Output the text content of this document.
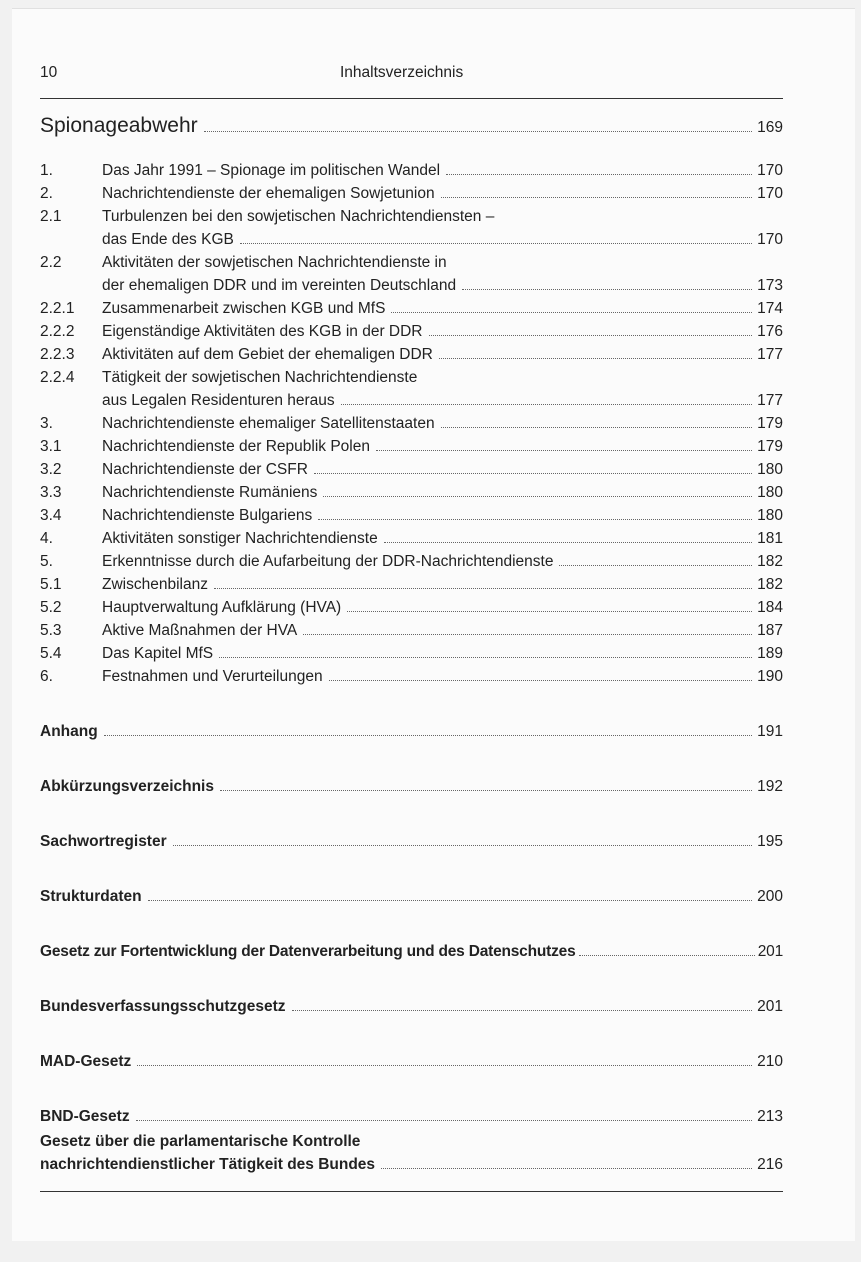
10	Inhaltsverzeichnis
Spionageabwehr	169
1.	Das Jahr 1991 – Spionage im politischen Wandel	170
2.	Nachrichtendienste der ehemaligen Sowjetunion	170
2.1	Turbulenzen bei den sowjetischen Nachrichtendiensten –
das Ende des KGB	170
2.2	Aktivitäten der sowjetischen Nachrichtendienste in
der ehemaligen DDR und im vereinten Deutschland	173
2.2.1 Zusammenarbeit zwischen KGB und MfS	174
2.2.2 Eigenständige Aktivitäten des KGB in der DDR	176
2.2.3 Aktivitäten auf dem Gebiet der ehemaligen DDR	177
2.2.4 Tätigkeit der sowjetischen Nachrichtendienste
aus Legalen Residenturen heraus	177
3.	Nachrichtendienste ehemaliger Satellitenstaaten	179
3.1	Nachrichtendienste der Republik Polen	179
3.2	Nachrichtendienste der CSFR	180
3.3	Nachrichtendienste Rumäniens	180
3.4	Nachrichtendienste Bulgariens	180
4.	Aktivitäten sonstiger Nachrichtendienste	181
5.	Erkenntnisse durch die Aufarbeitung der DDR-Nachrichtendienste	182
5.1	Zwischenbilanz	182
5.2	Hauptverwaltung Aufklärung (HVA)	184
5.3	Aktive Maßnahmen der HVA	187
5.4	Das Kapitel MfS	189
6.	Festnahmen und Verurteilungen	190
Anhang	191
Abkürzungsverzeichnis	192
Sachwortregister	195
Strukturdaten	200
Gesetz zur Fortentwicklung der Datenverarbeitung und des Datenschutzes	201
Bundesverfassungsschutzgesetz	201
MAD-Gesetz	210
BND-Gesetz	213
Gesetz über die parlamentarische Kontrolle
nachrichtendienstlicher Tätigkeit des Bundes	216
